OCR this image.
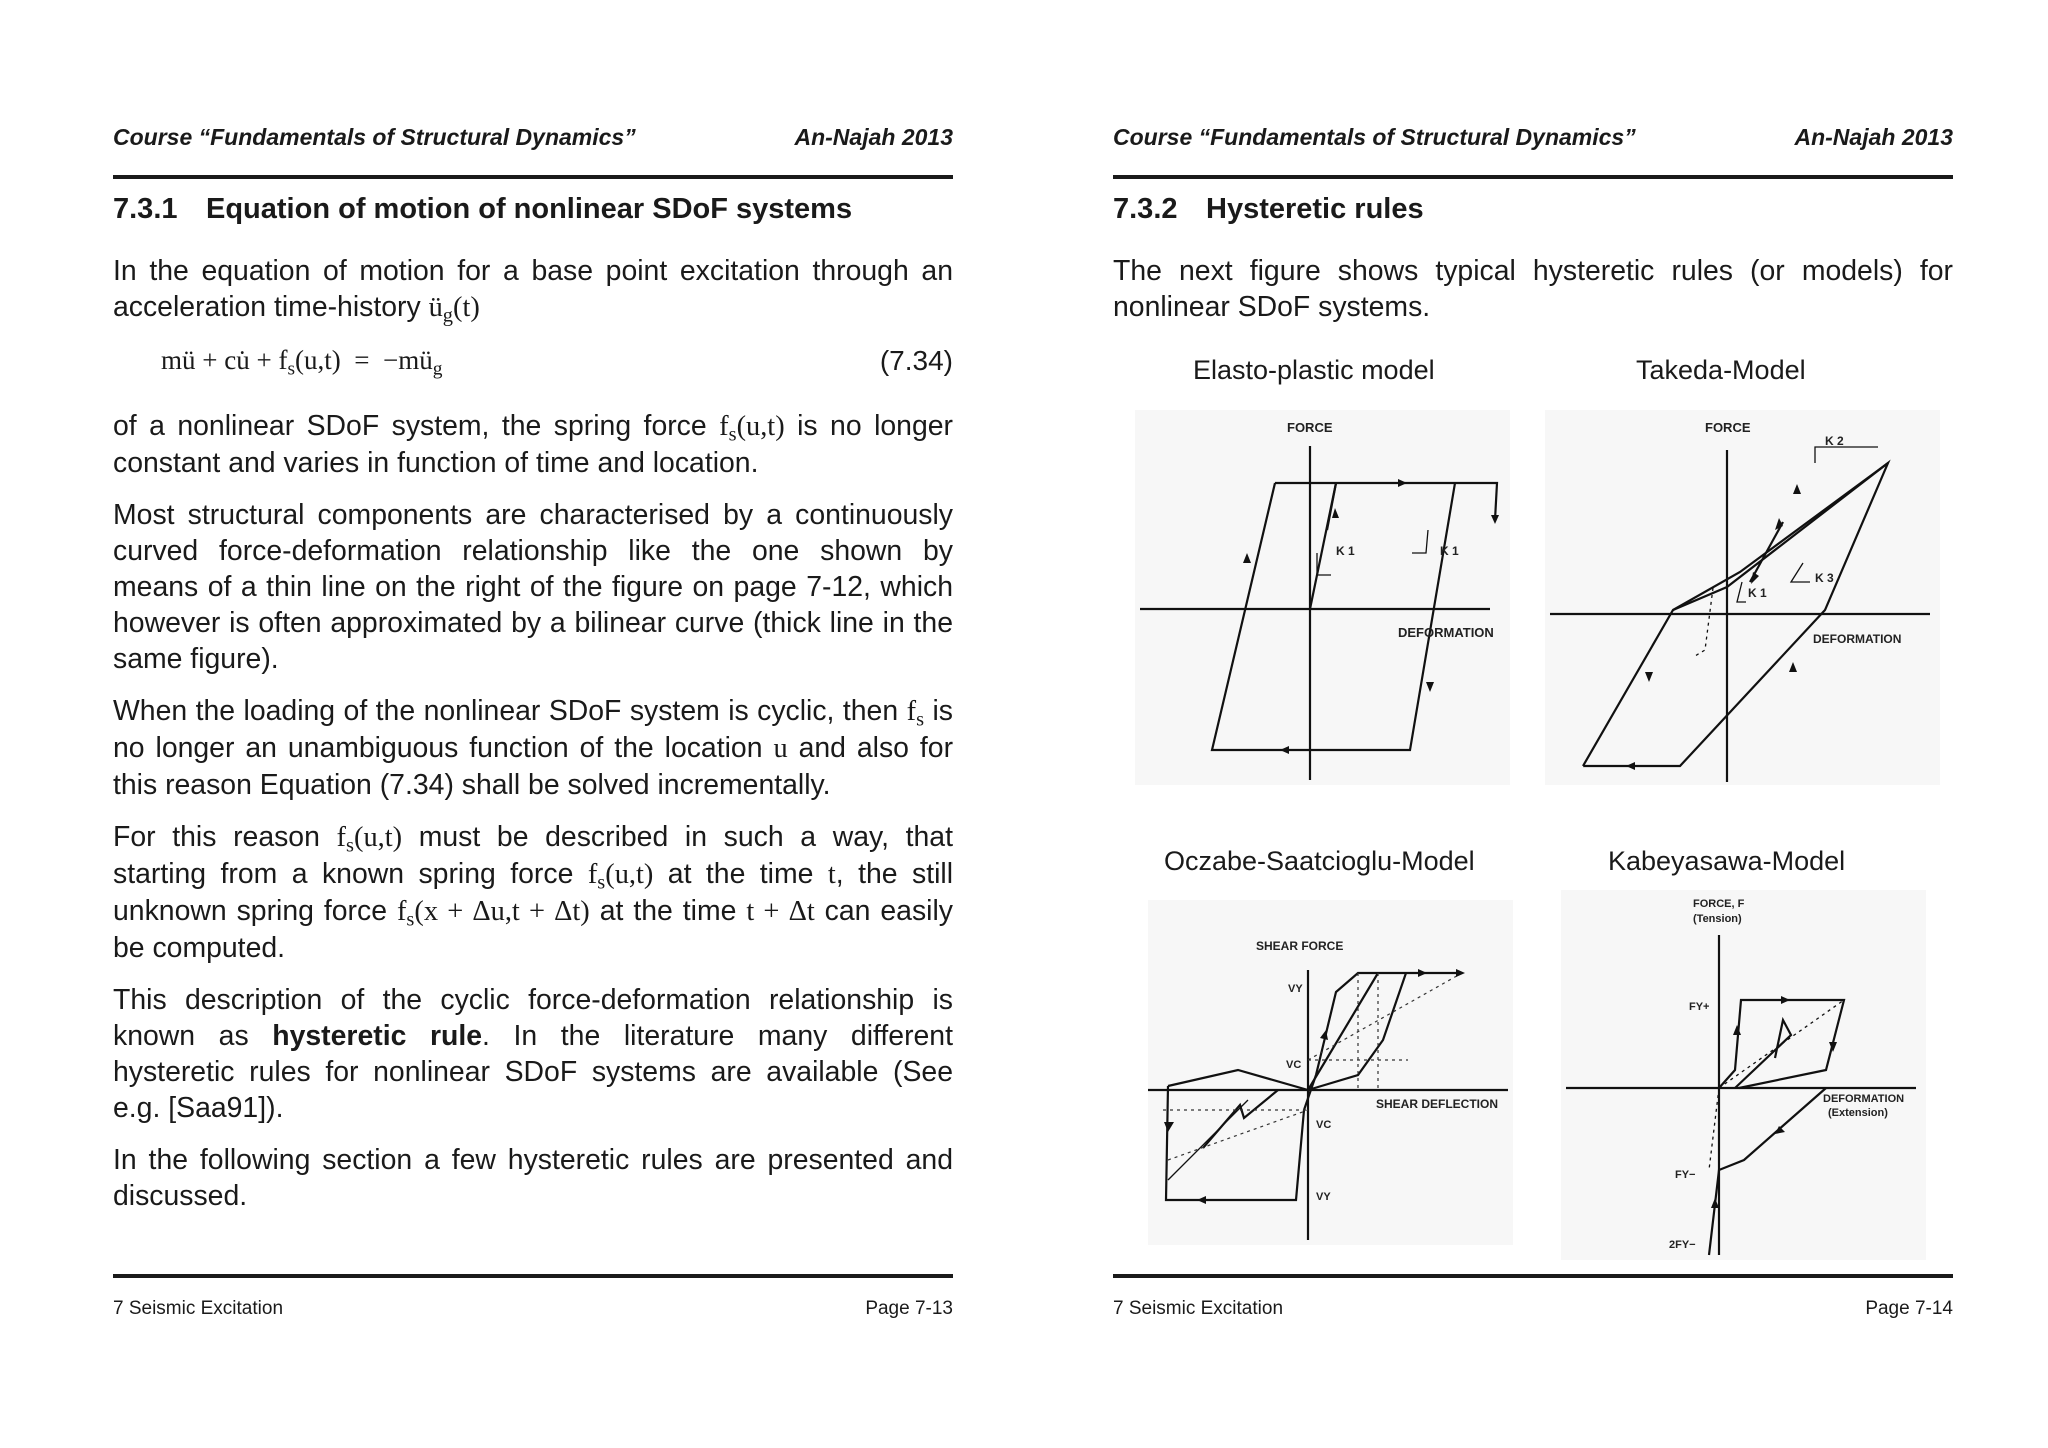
Course “Fundamentals of Structural Dynamics”	An-Najah 2013
7.3.1 Equation of motion of nonlinear SDoF systems

In the equation of motion for a base point excitation through an acceleration time-history $ü_g(t)$

mü + cu̇ + $f_s(u,t)$  =  $-mü_g$	(7.34)

of a nonlinear SDoF system, the spring force $f_s(u,t)$ is no longer constant and varies in function of time and location.

Most structural components are characterised by a continuously curved force-deformation relationship like the one shown by means of a thin line on the right of the figure on page 7-12, which however is often approximated by a bilinear curve (thick line in the same figure).

When the loading of the nonlinear SDoF system is cyclic, then $f_s$ is no longer an unambiguous function of the location u and also for this reason Equation (7.34) shall be solved incrementally.

For this reason $f_s(u,t)$ must be described in such a way, that starting from a known spring force $f_s(u,t)$ at the time t, the still unknown spring force $f_s(x + \Delta u,t + \Delta t)$ at the time t + Δt can easily be computed.

This description of the cyclic force-deformation relationship is known as hysteretic rule. In the literature many different hysteretic rules for nonlinear SDoF systems are available (See e.g. [Saa91]).

In the following section a few hysteretic rules are presented and discussed.

7 Seismic Excitation	Page 7-13
Course “Fundamentals of Structural Dynamics”	An-Najah 2013
7.3.2 Hysteretic rules
The next figure shows typical hysteretic rules (or models) for nonlinear SDoF systems.
Elasto-plastic model	Takeda-Model
Oczabe-Saatcioglu-Model	Kabeyasawa-Model
FORCE
DEFORMATION
K 1	K 1
FORCE
DEFORMATION
K 2
K 3
K 1
SHEAR FORCE
SHEAR DEFLECTION
VY
VC
VC
VY
FORCE, F
(Tension)
DEFORMATION
(Extension)
FY+
FY−
2FY−
7 Seismic Excitation	Page 7-14
